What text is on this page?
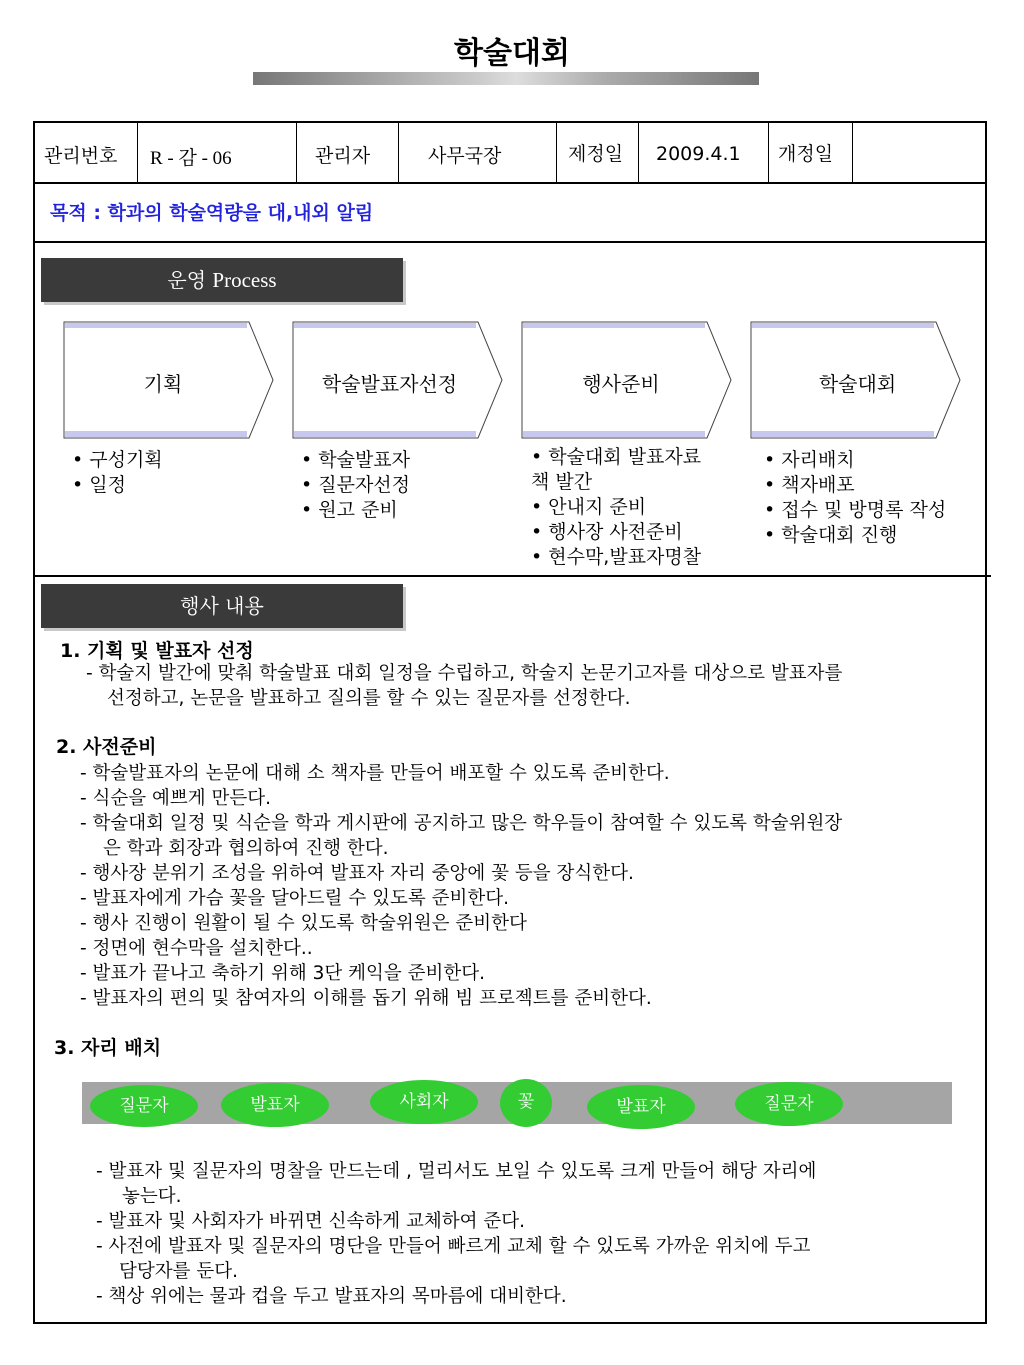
학술대회
관리번호 R - 감 - 06	관리자	사무국장	제정일 2009.4.1 개정일
목적 : 학과의 학술역량을 대,내외 알림
운영 Process
기획	학술발표자선정	행사준비	학술대회
• 구성기획
• 일정
• 학술발표자
• 질문자선정
• 원고 준비
• 학술대회 발표자료
책 발간
• 안내지 준비
• 행사장 사전준비
• 현수막,발표자명찰
• 자리배치
• 책자배포
• 접수 및 방명록 작성
• 학술대회 진행
행사 내용
1. 기획 및 발표자 선정
- 학술지 발간에 맞춰 학술발표 대회 일정을 수립하고, 학술지 논문기고자를 대상으로 발표자를
선정하고, 논문을 발표하고 질의를 할 수 있는 질문자를 선정한다.
2. 사전준비
- 학술발표자의 논문에 대해 소 책자를 만들어 배포할 수 있도록 준비한다.
- 식순을 예쁘게 만든다.
- 학술대회 일정 및 식순을 학과 게시판에 공지하고 많은 학우들이 참여할 수 있도록 학술위원장
은 학과 회장과 협의하여 진행 한다.
- 행사장 분위기 조성을 위하여 발표자 자리 중앙에 꽃 등을 장식한다.
- 발표자에게 가슴 꽃을 달아드릴 수 있도록 준비한다.
- 행사 진행이 원활이 될 수 있도록 학술위원은 준비한다
- 정면에 현수막을 설치한다..
- 발표가 끝나고 축하기 위해 3단 케익을 준비한다.
- 발표자의 편의 및 참여자의 이해를 돕기 위해 빔 프로젝트를 준비한다.
3. 자리 배치
질문자	발표자	사회자	꽃	발표자	질문자
- 발표자 및 질문자의 명찰을 만드는데 , 멀리서도 보일 수 있도록 크게 만들어 해당 자리에
놓는다.
- 발표자 및 사회자가 바뀌면 신속하게 교체하여 준다.
- 사전에 발표자 및 질문자의 명단을 만들어 빠르게 교체 할 수 있도록 가까운 위치에 두고
담당자를 둔다.
- 책상 위에는 물과 컵을 두고 발표자의 목마름에 대비한다.
